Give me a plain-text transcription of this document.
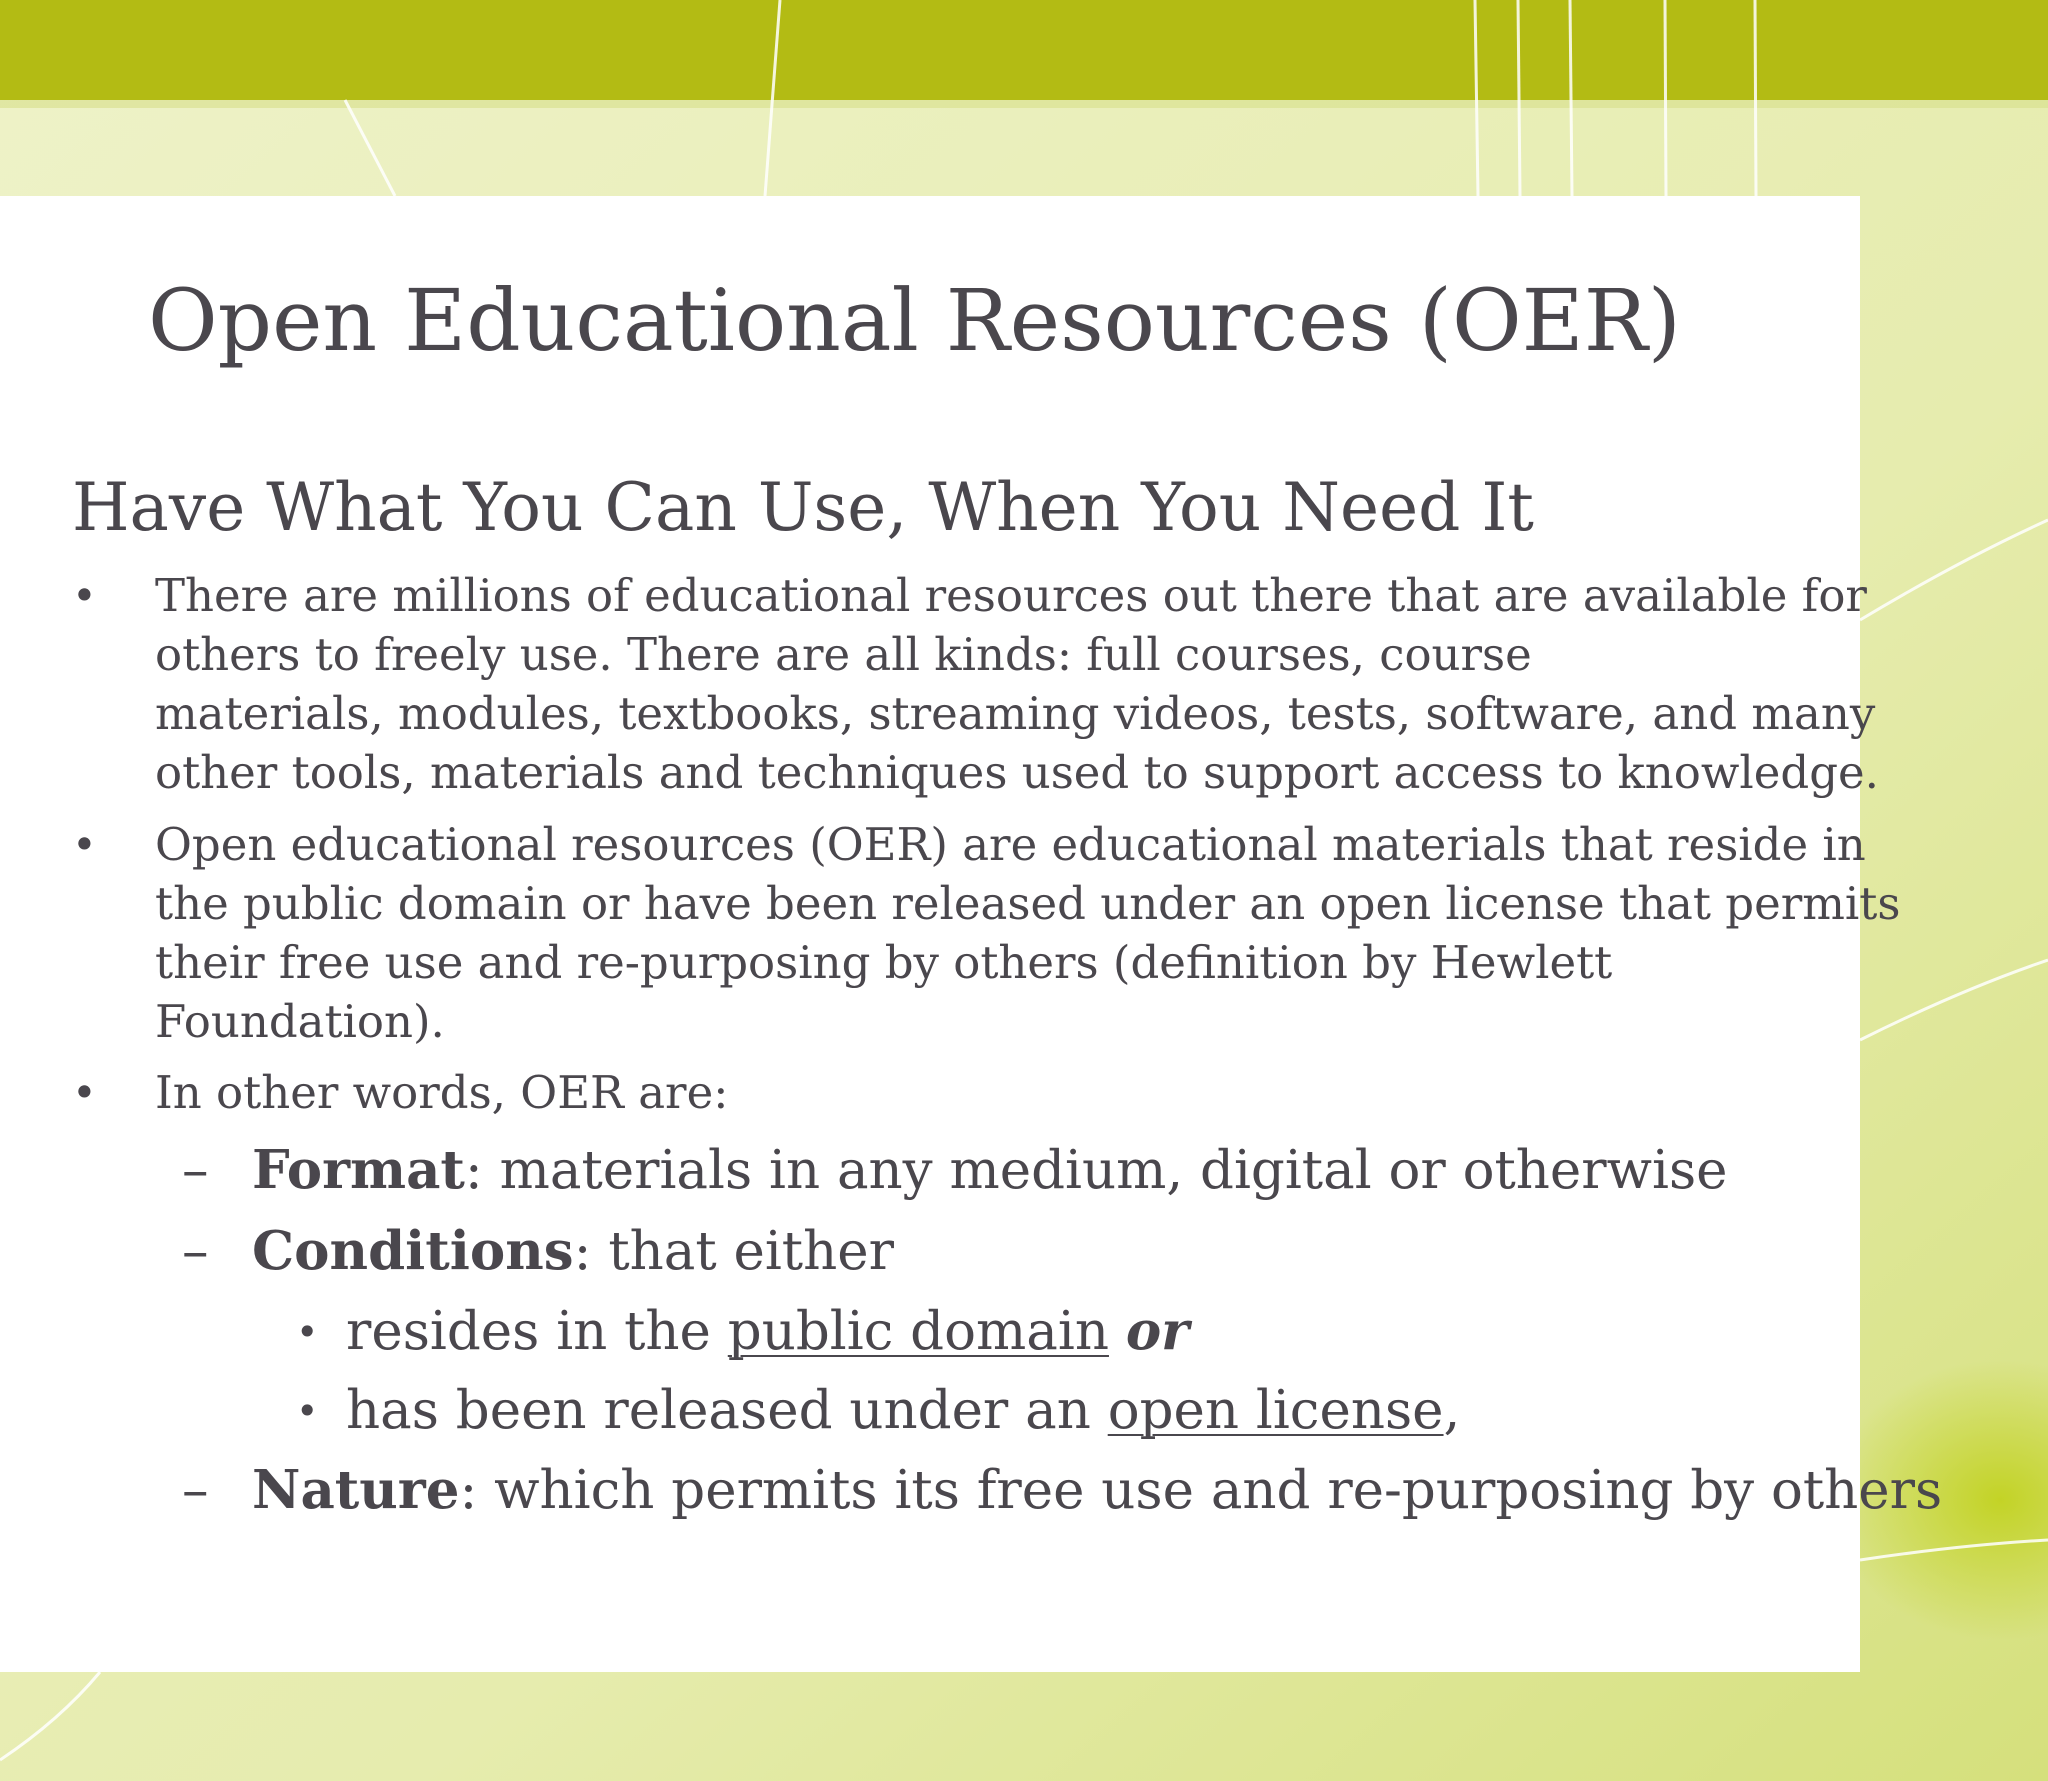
Open Educational Resources (OER)
Have What You Can Use, When You Need It
• There are millions of educational resources out there that are available for
others to freely use. There are all kinds: full courses, course
materials, modules, textbooks, streaming videos, tests, software, and many
other tools, materials and techniques used to support access to knowledge.
• Open educational resources (OER) are educational materials that reside in
the public domain or have been released under an open license that permits
their free use and re-purposing by others (definition by Hewlett
Foundation).
• In other words, OER are:
– Format: materials in any medium, digital or otherwise
– Conditions: that either
• resides in the public domain or
• has been released under an open license,
– Nature: which permits its free use and re-purposing by others
